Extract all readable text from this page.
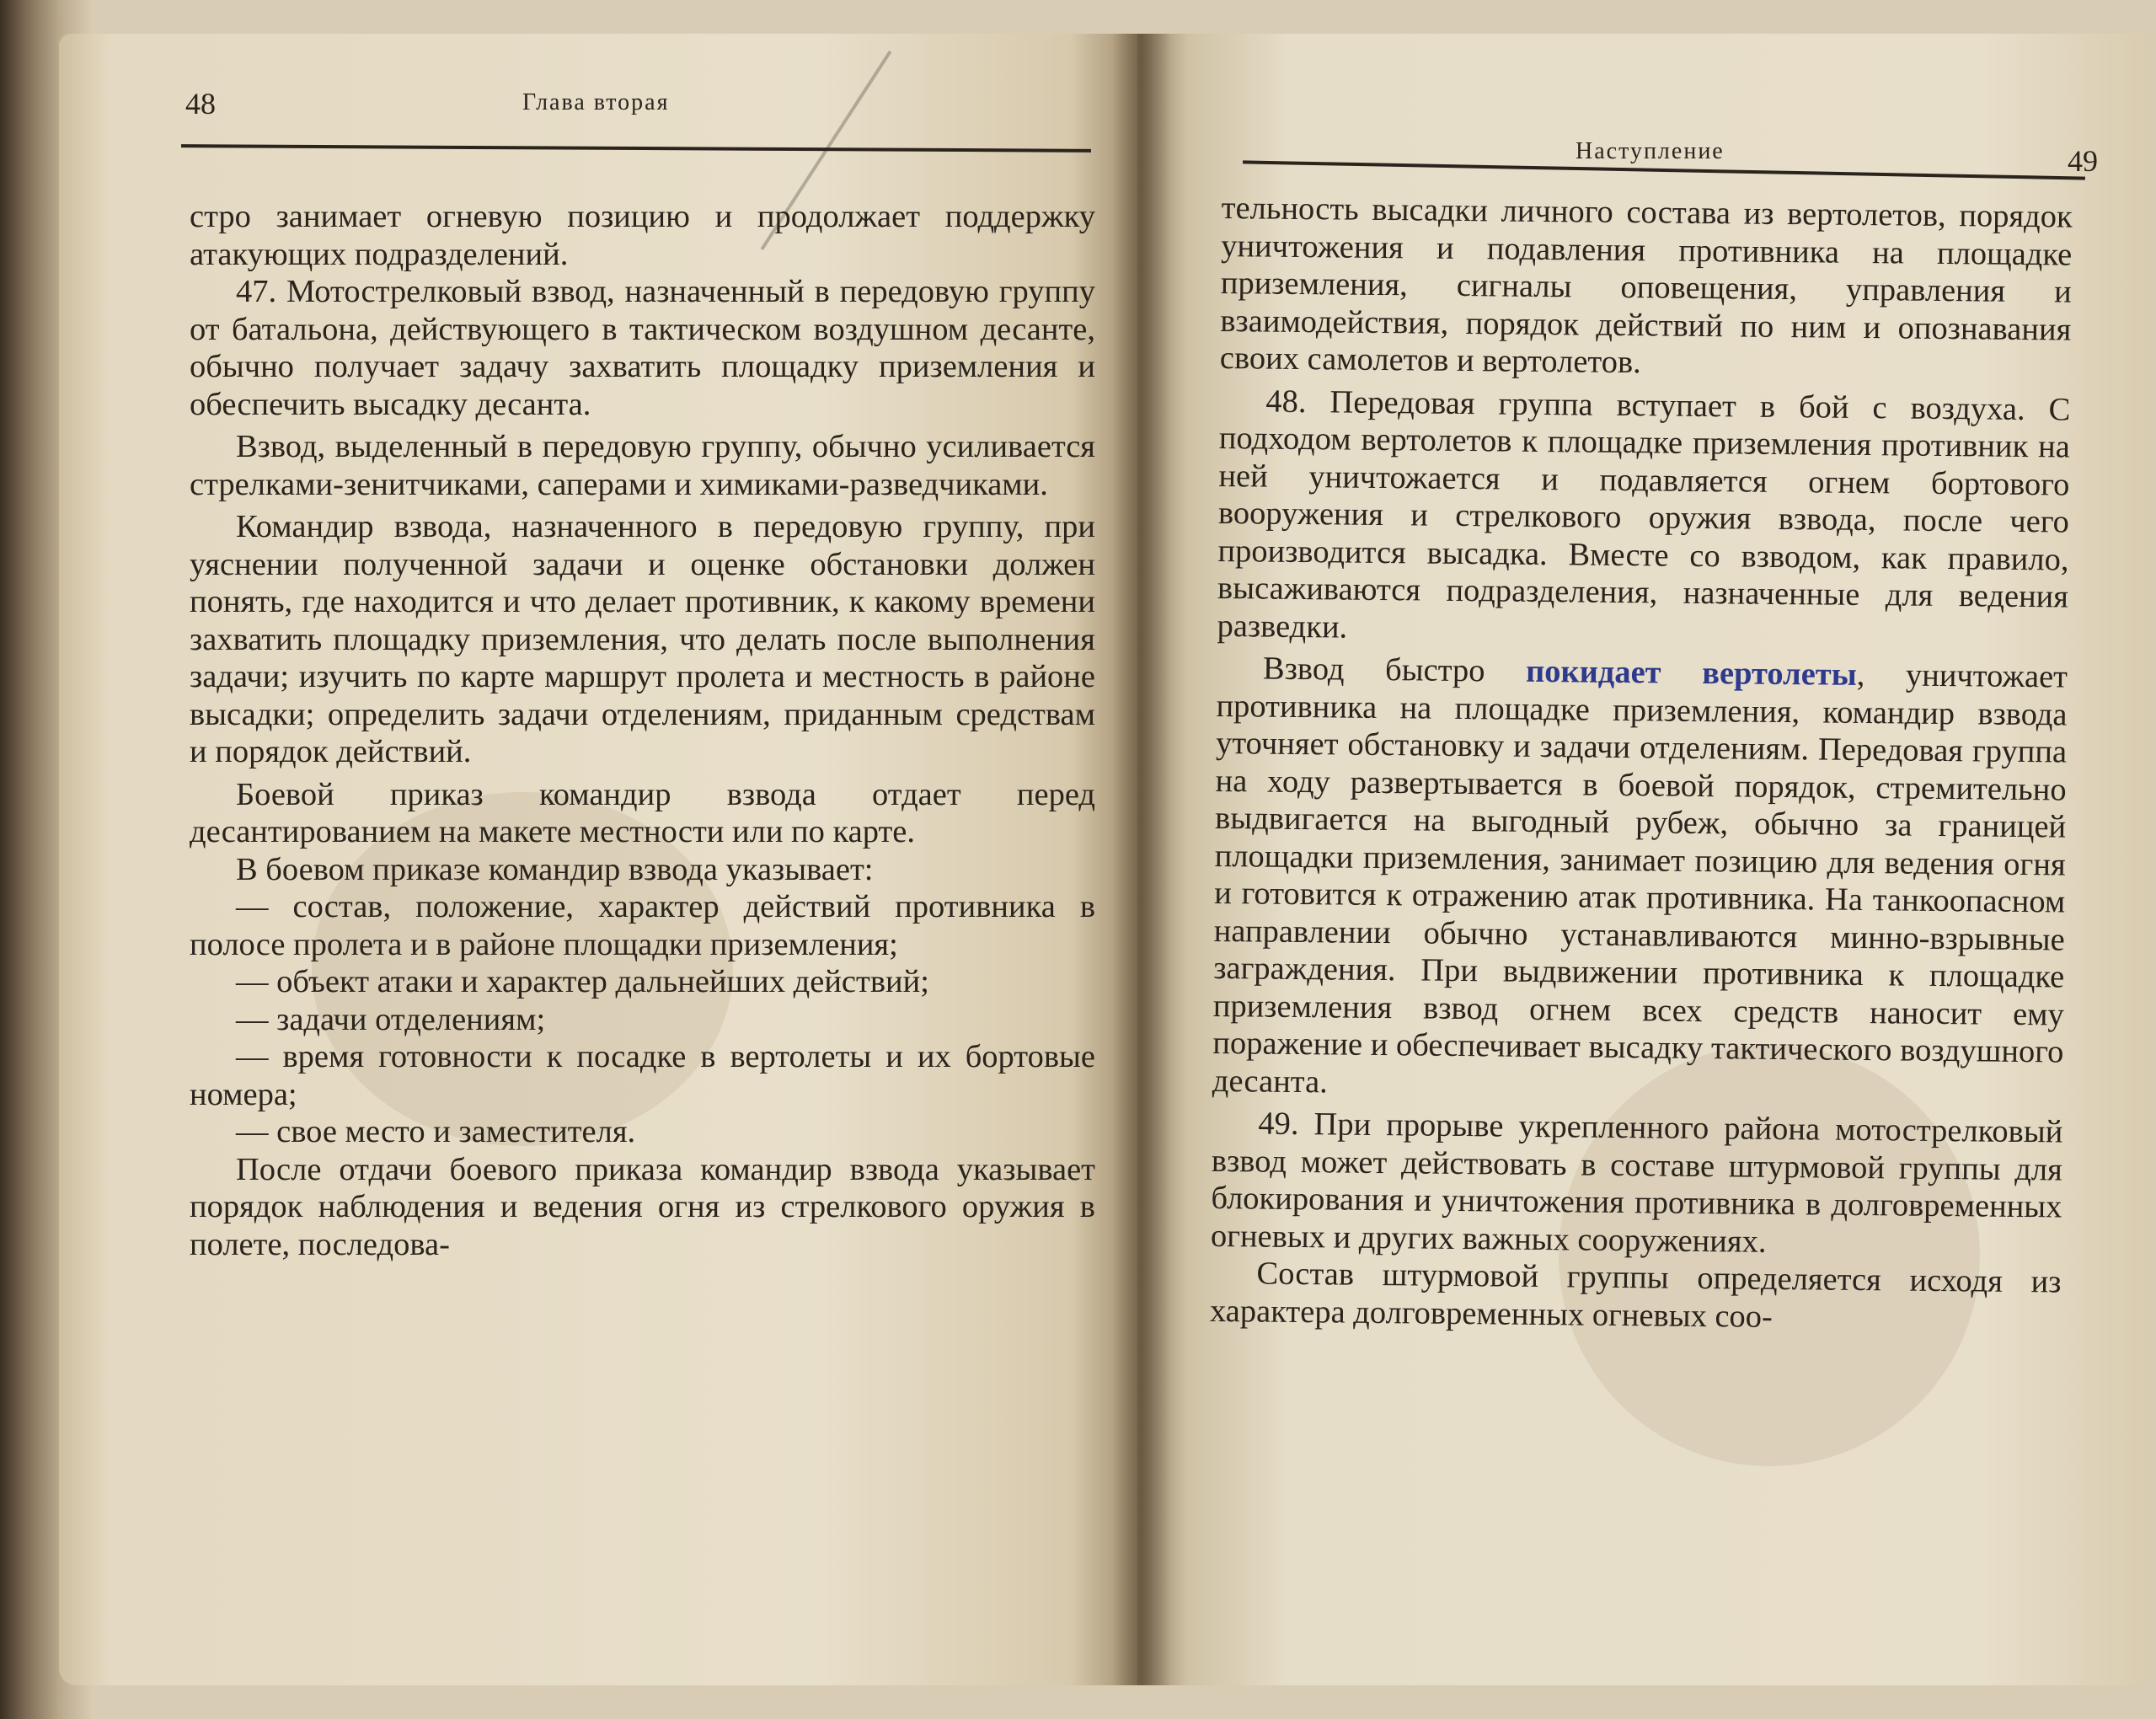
48	Глава вторая

стро занимает огневую позицию и продолжает поддержку атакующих подразделений.

47. Мотострелковый взвод, назначенный в передовую группу от батальона, действующего в тактическом воздушном десанте, обычно получает задачу захватить площадку приземления и обеспечить высадку десанта.

Взвод, выделенный в передовую группу, обычно усиливается стрелками-зенитчиками, саперами и химиками-разведчиками.

Командир взвода, назначенного в передовую группу, при уяснении полученной задачи и оценке обстановки должен понять, где находится и что делает противник, к какому времени захватить площадку приземления, что делать после выполнения задачи; изучить по карте маршрут пролета и местность в районе высадки; определить задачи отделениям, приданным средствам и порядок действий.

Боевой приказ командир взвода отдает перед десантированием на макете местности или по карте.

В боевом приказе командир взвода указывает:

— состав, положение, характер действий противника в полосе пролета и в районе площадки приземления;

— объект атаки и характер дальнейших действий;

— задачи отделениям;

— время готовности к посадке в вертолеты и их бортовые номера;

— свое место и заместителя.

После отдачи боевого приказа командир взвода указывает порядок наблюдения и ведения огня из стрелкового оружия в полете, последова-

Наступление	49

тельность высадки личного состава из вертолетов, порядок уничтожения и подавления противника на площадке приземления, сигналы оповещения, управления и взаимодействия, порядок действий по ним и опознавания своих самолетов и вертолетов.

48. Передовая группа вступает в бой с воздуха. С подходом вертолетов к площадке приземления противник на ней уничтожается и подавляется огнем бортового вооружения и стрелкового оружия взвода, после чего производится высадка. Вместе со взводом, как правило, высаживаются подразделения, назначенные для ведения разведки.

Взвод быстро покидает вертолеты, уничтожает противника на площадке приземления, командир взвода уточняет обстановку и задачи отделениям. Передовая группа на ходу развертывается в боевой порядок, стремительно выдвигается на выгодный рубеж, обычно за границей площадки приземления, занимает позицию для ведения огня и готовится к отражению атак противника. На танкоопасном направлении обычно устанавливаются минно-взрывные заграждения. При выдвижении противника к площадке приземления взвод огнем всех средств наносит ему поражение и обеспечивает высадку тактического воздушного десанта.

49. При прорыве укрепленного района мотострелковый взвод может действовать в составе штурмовой группы для блокирования и уничтожения противника в долговременных огневых и других важных сооружениях.

Состав штурмовой группы определяется исходя из характера долговременных огневых соо-
